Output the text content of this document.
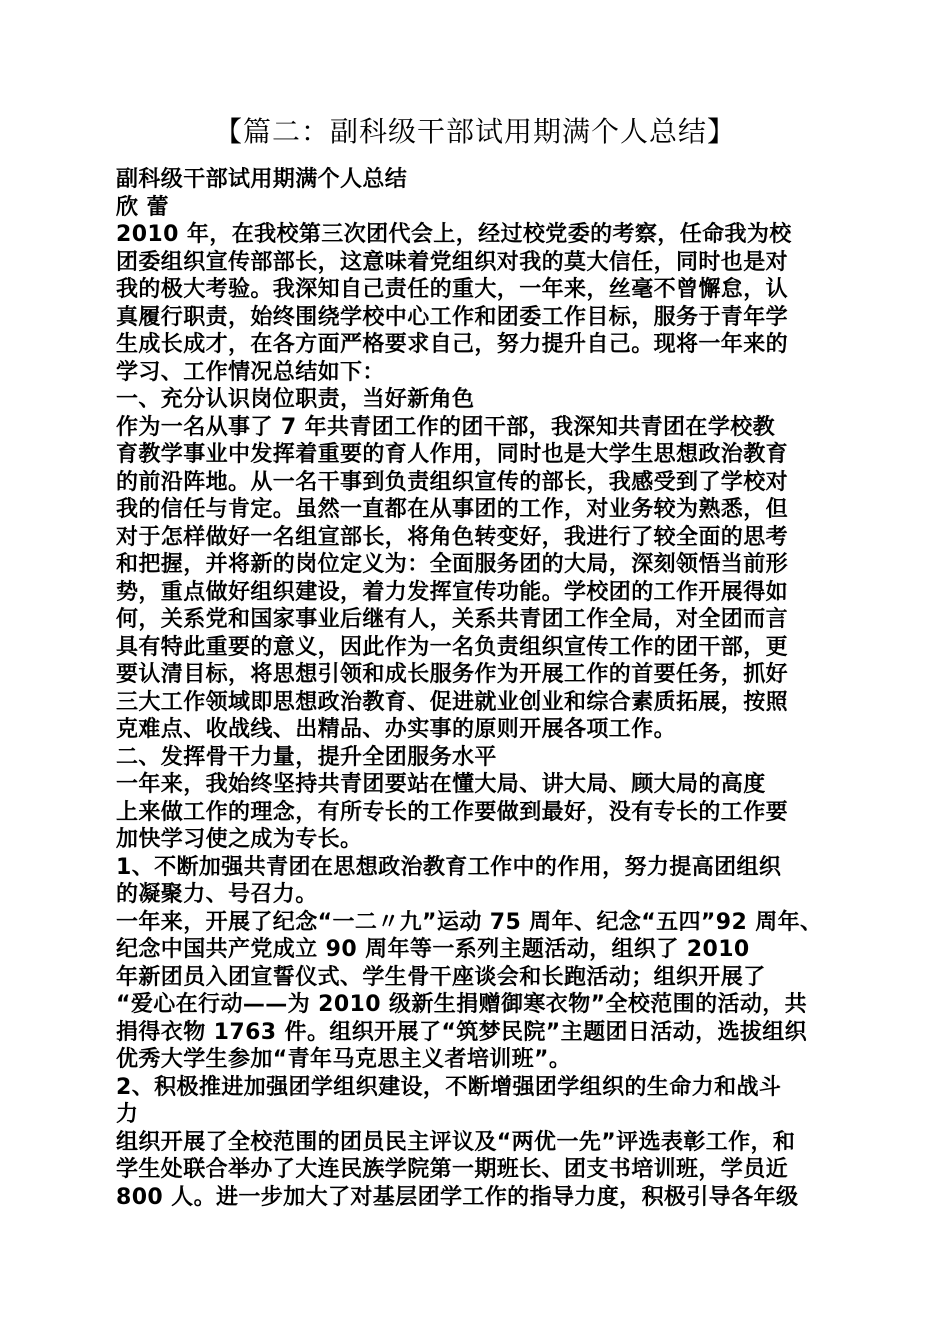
【篇二：副科级干部试用期满个人总结】
副科级干部试用期满个人总结
欣 蕾
2010 年，在我校第三次团代会上，经过校党委的考察，任命我为校
团委组织宣传部部长，这意味着党组织对我的莫大信任，同时也是对
我的极大考验。我深知自己责任的重大，一年来，丝毫不曾懈怠，认
真履行职责，始终围绕学校中心工作和团委工作目标，服务于青年学
生成长成才，在各方面严格要求自己，努力提升自己。现将一年来的
学习、工作情况总结如下：
一、充分认识岗位职责，当好新角色
作为一名从事了 7 年共青团工作的团干部，我深知共青团在学校教
育教学事业中发挥着重要的育人作用，同时也是大学生思想政治教育
的前沿阵地。从一名干事到负责组织宣传的部长，我感受到了学校对
我的信任与肯定。虽然一直都在从事团的工作，对业务较为熟悉，但
对于怎样做好一名组宣部长，将角色转变好，我进行了较全面的思考
和把握，并将新的岗位定义为：全面服务团的大局，深刻领悟当前形
势，重点做好组织建设，着力发挥宣传功能。学校团的工作开展得如
何，关系党和国家事业后继有人，关系共青团工作全局，对全团而言
具有特此重要的意义，因此作为一名负责组织宣传工作的团干部，更
要认清目标，将思想引领和成长服务作为开展工作的首要任务，抓好
三大工作领域即思想政治教育、促进就业创业和综合素质拓展，按照
克难点、收战线、出精品、办实事的原则开展各项工作。
二、发挥骨干力量，提升全团服务水平
一年来，我始终坚持共青团要站在懂大局、讲大局、顾大局的高度
上来做工作的理念，有所专长的工作要做到最好，没有专长的工作要
加快学习使之成为专长。
1、不断加强共青团在思想政治教育工作中的作用，努力提高团组织
的凝聚力、号召力。
一年来，开展了纪念“一二〃九”运动 75 周年、纪念“五四”92 周年、
纪念中国共产党成立 90 周年等一系列主题活动，组织了 2010
年新团员入团宣誓仪式、学生骨干座谈会和长跑活动；组织开展了
“爱心在行动——为 2010 级新生捐赠御寒衣物”全校范围的活动，共
捐得衣物 1763 件。组织开展了“筑梦民院”主题团日活动，选拔组织
优秀大学生参加“青年马克思主义者培训班”。
2、积极推进加强团学组织建设，不断增强团学组织的生命力和战斗
力
组织开展了全校范围的团员民主评议及“两优一先”评选表彰工作，和
学生处联合举办了大连民族学院第一期班长、团支书培训班，学员近
800 人。进一步加大了对基层团学工作的指导力度，积极引导各年级
